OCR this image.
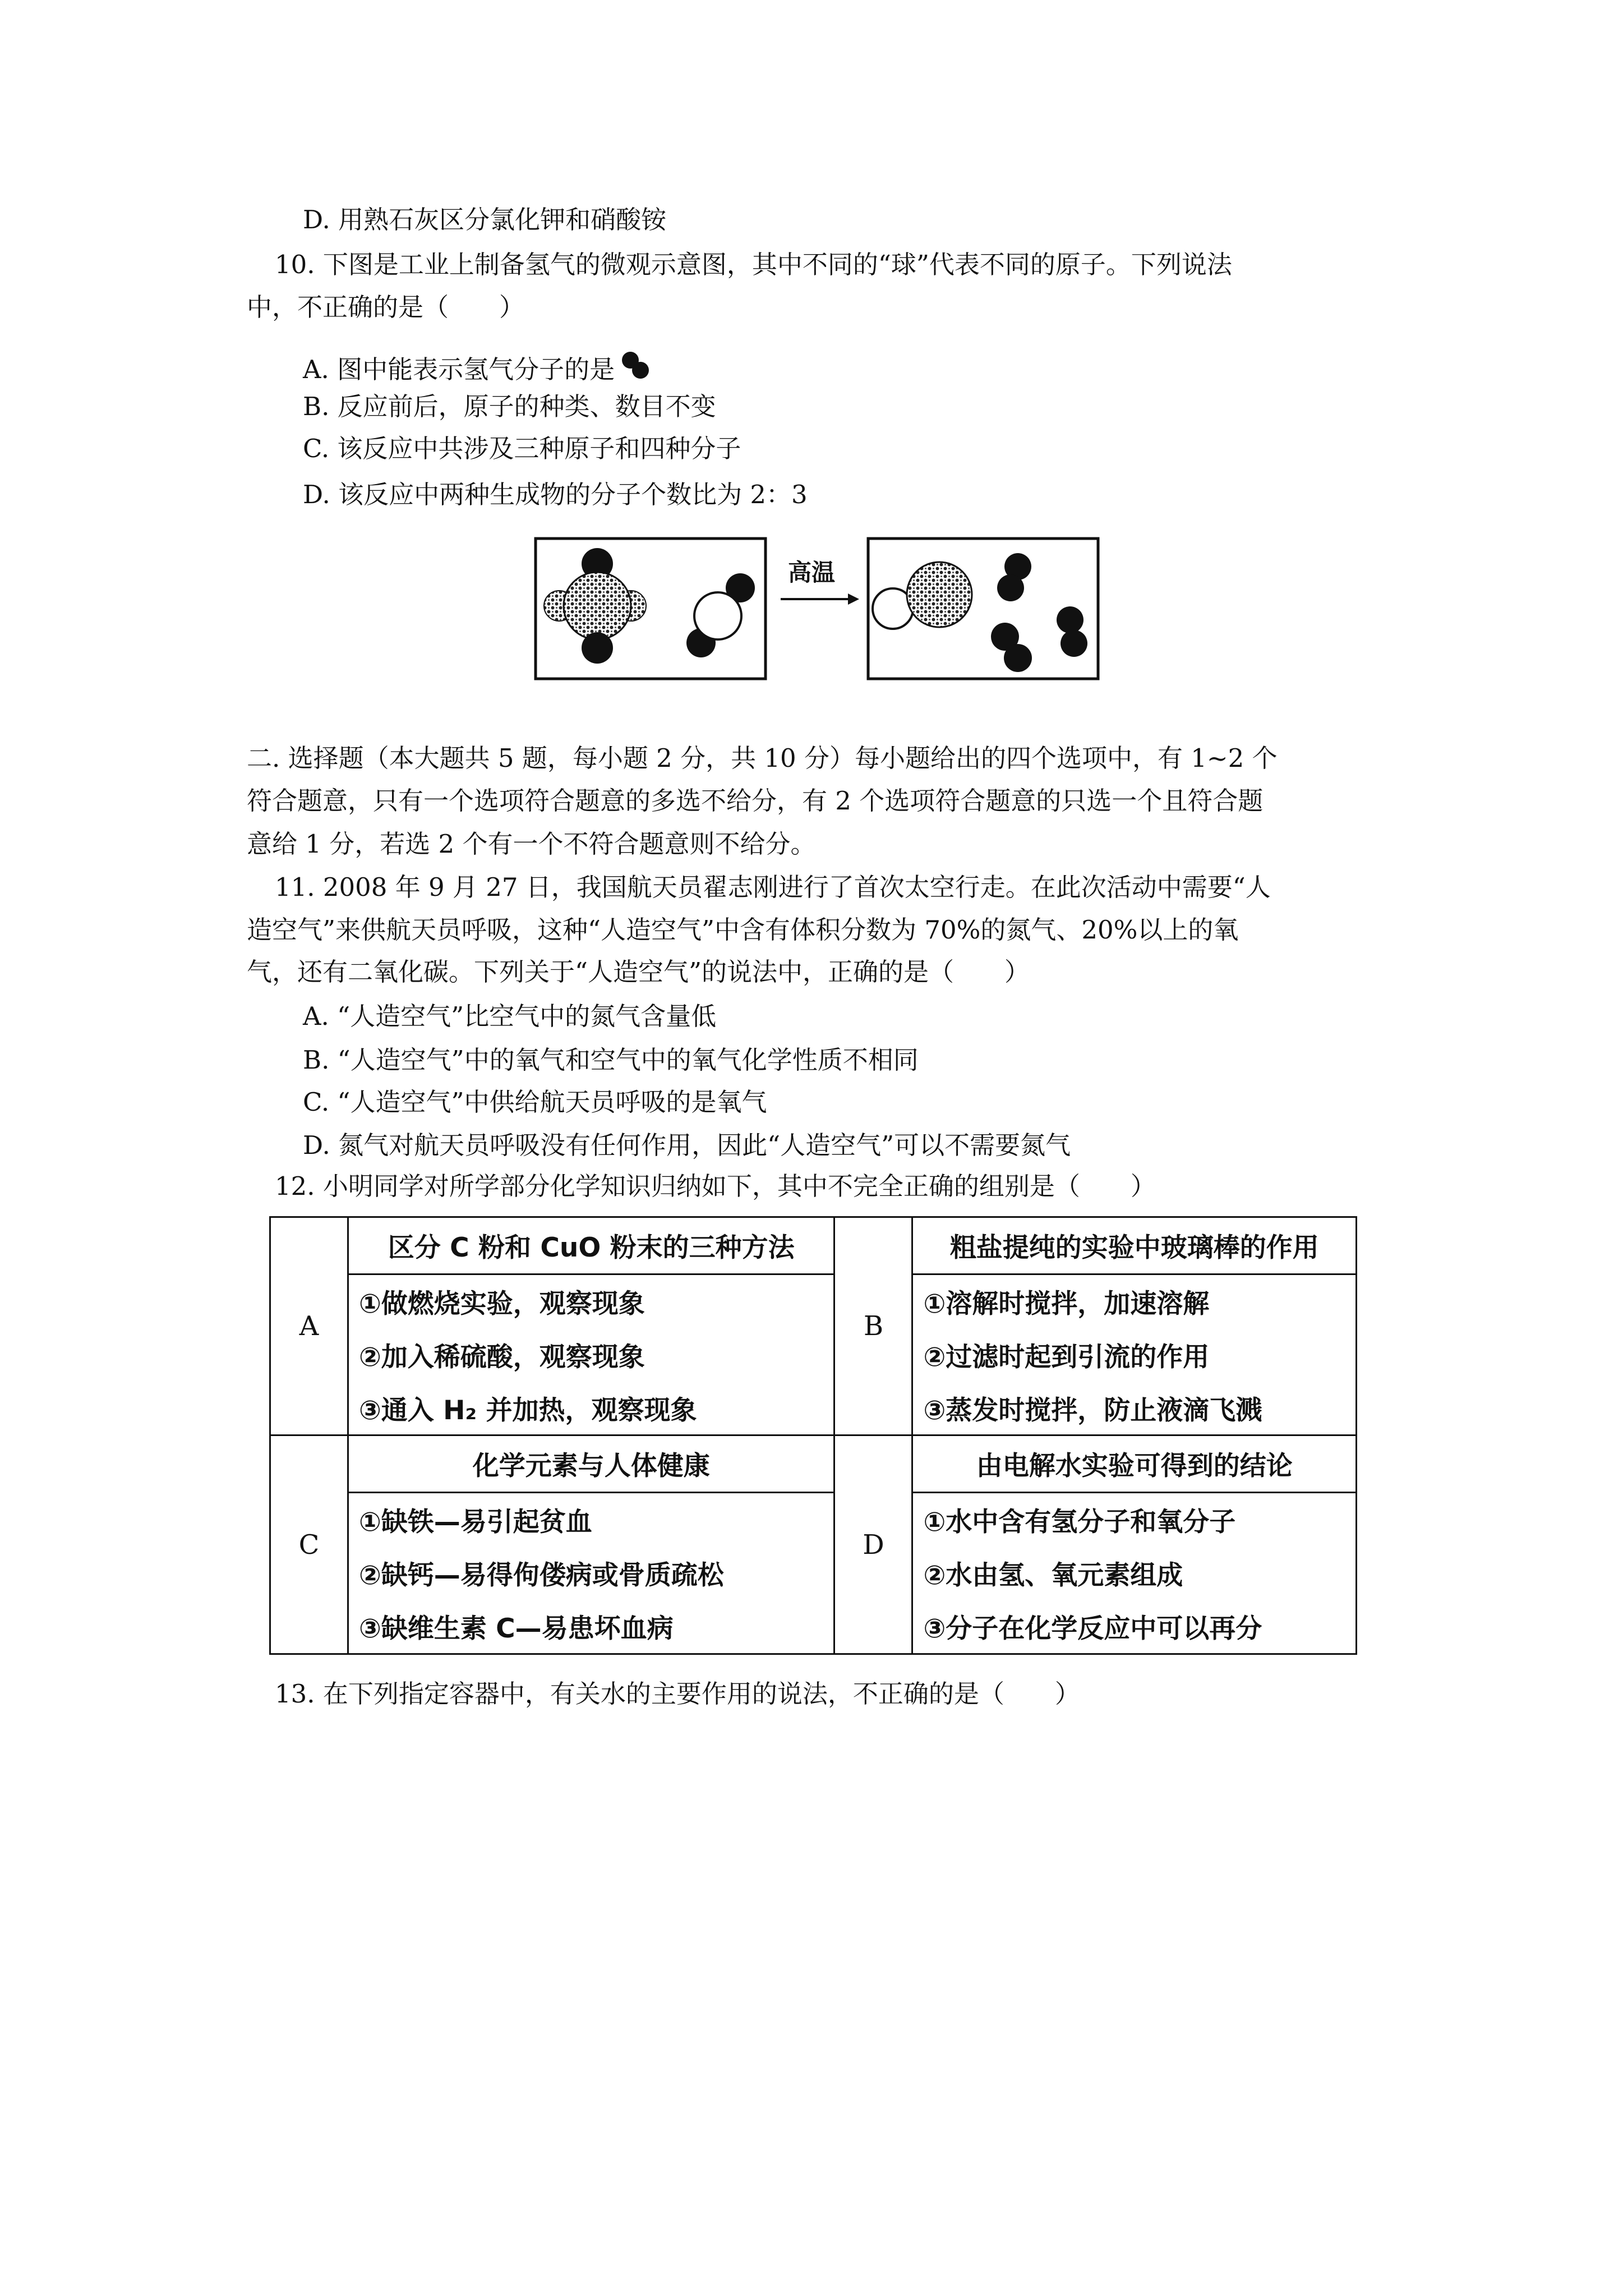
D. 用熟石灰区分氯化钾和硝酸铵
10. 下图是工业上制备氢气的微观示意图，其中不同的“球”代表不同的原子。下列说法
中，不正确的是（　　）
A. 图中能表示氢气分子的是
B. 反应前后，原子的种类、数目不变
C. 该反应中共涉及三种原子和四种分子
D. 该反应中两种生成物的分子个数比为 2：3
高温
二. 选择题（本大题共 5 题，每小题 2 分，共 10 分）每小题给出的四个选项中，有 1~2 个
符合题意，只有一个选项符合题意的多选不给分，有 2 个选项符合题意的只选一个且符合题
意给 1 分，若选 2 个有一个不符合题意则不给分。
11. 2008 年 9 月 27 日，我国航天员翟志刚进行了首次太空行走。在此次活动中需要“人
造空气”来供航天员呼吸，这种“人造空气”中含有体积分数为 70%的氮气、20%以上的氧
气，还有二氧化碳。下列关于“人造空气”的说法中，正确的是（　　）
A. “人造空气”比空气中的氮气含量低
B. “人造空气”中的氧气和空气中的氧气化学性质不相同
C. “人造空气”中供给航天员呼吸的是氧气
D. 氮气对航天员呼吸没有任何作用，因此“人造空气”可以不需要氮气
12. 小明同学对所学部分化学知识归纳如下，其中不完全正确的组别是（　　）
A	区分 C 粉和 CuO 粉末的三种方法	B	粗盐提纯的实验中玻璃棒的作用
	①做燃烧实验，观察现象		①溶解时搅拌，加速溶解
	②加入稀硫酸，观察现象		②过滤时起到引流的作用
	③通入 H₂ 并加热，观察现象		③蒸发时搅拌，防止液滴飞溅
C	化学元素与人体健康	D	由电解水实验可得到的结论
	①缺铁—易引起贫血		①水中含有氢分子和氧分子
	②缺钙—易得佝偻病或骨质疏松		②水由氢、氧元素组成
	③缺维生素 C—易患坏血病		③分子在化学反应中可以再分
13. 在下列指定容器中，有关水的主要作用的说法，不正确的是（　　）
